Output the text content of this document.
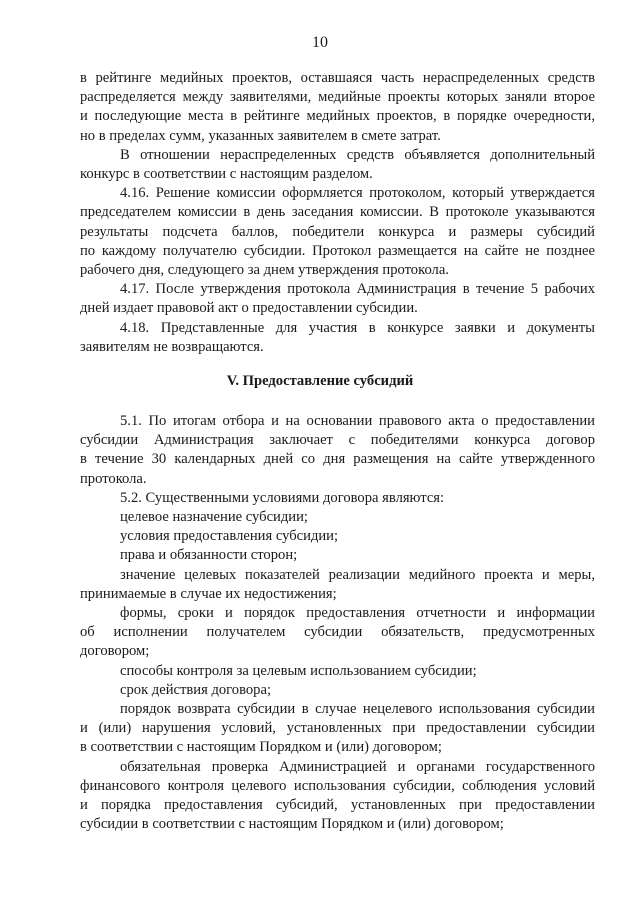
10

в рейтинге медийных проектов, оставшаяся часть нераспределенных средств
распределяется между заявителями, медийные проекты которых заняли второе
и последующие места в рейтинге медийных проектов, в порядке очередности,
но в пределах сумм, указанных заявителем в смете затрат.

В отношении нераспределенных средств объявляется дополнительный
конкурс в соответствии с настоящим разделом.

4.16. Решение комиссии оформляется протоколом, который утверждается
председателем комиссии в день заседания комиссии. В протоколе указываются
результаты подсчета баллов, победители конкурса и размеры субсидий
по каждому получателю субсидии. Протокол размещается на сайте не позднее
рабочего дня, следующего за днем утверждения протокола.

4.17. После утверждения протокола Администрация в течение 5 рабочих
дней издает правовой акт о предоставлении субсидии.

4.18. Представленные для участия в конкурсе заявки и документы
заявителям не возвращаются.

V. Предоставление субсидий

5.1. По итогам отбора и на основании правового акта о предоставлении
субсидии Администрация заключает с победителями конкурса договор
в течение 30 календарных дней со дня размещения на сайте утвержденного
протокола.

5.2. Существенными условиями договора являются:

целевое назначение субсидии;

условия предоставления субсидии;

права и обязанности сторон;

значение целевых показателей реализации медийного проекта и меры,
принимаемые в случае их недостижения;

формы, сроки и порядок предоставления отчетности и информации
об исполнении получателем субсидии обязательств, предусмотренных
договором;

способы контроля за целевым использованием субсидии;

срок действия договора;

порядок возврата субсидии в случае нецелевого использования субсидии
и (или) нарушения условий, установленных при предоставлении субсидии
в соответствии с настоящим Порядком и (или) договором;

обязательная проверка Администрацией и органами государственного
финансового контроля целевого использования субсидии, соблюдения условий
и порядка предоставления субсидий, установленных при предоставлении
субсидии в соответствии с настоящим Порядком и (или) договором;
